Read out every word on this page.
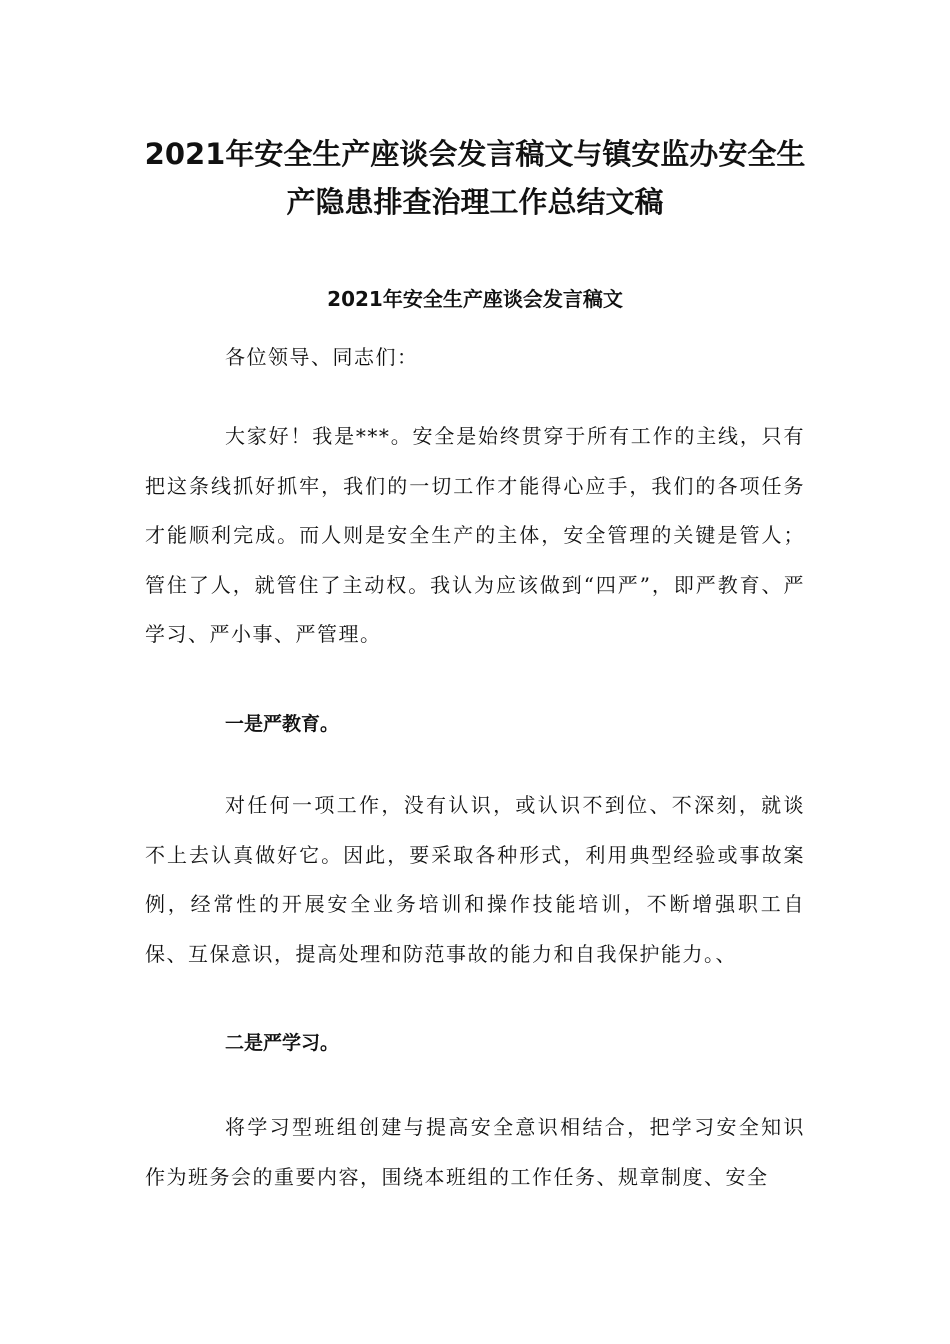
2021年安全生产座谈会发言稿文与镇安监办安全生
产隐患排查治理工作总结文稿
2021年安全生产座谈会发言稿文

各位领导、同志们：

大家好！我是***。安全是始终贯穿于所有工作的主线，只有把这条线抓好抓牢，我们的一切工作才能得心应手，我们的各项任务才能顺利完成。而人则是安全生产的主体，安全管理的关键是管人；管住了人，就管住了主动权。我认为应该做到“四严”，即严教育、严学习、严小事、严管理。

一是严教育。

对任何一项工作，没有认识，或认识不到位、不深刻，就谈不上去认真做好它。因此，要采取各种形式，利用典型经验或事故案例，经常性的开展安全业务培训和操作技能培训，不断增强职工自保、互保意识，提高处理和防范事故的能力和自我保护能力。、

二是严学习。

将学习型班组创建与提高安全意识相结合，把学习安全知识作为班务会的重要内容，围绕本班组的工作任务、规章制度、安全
